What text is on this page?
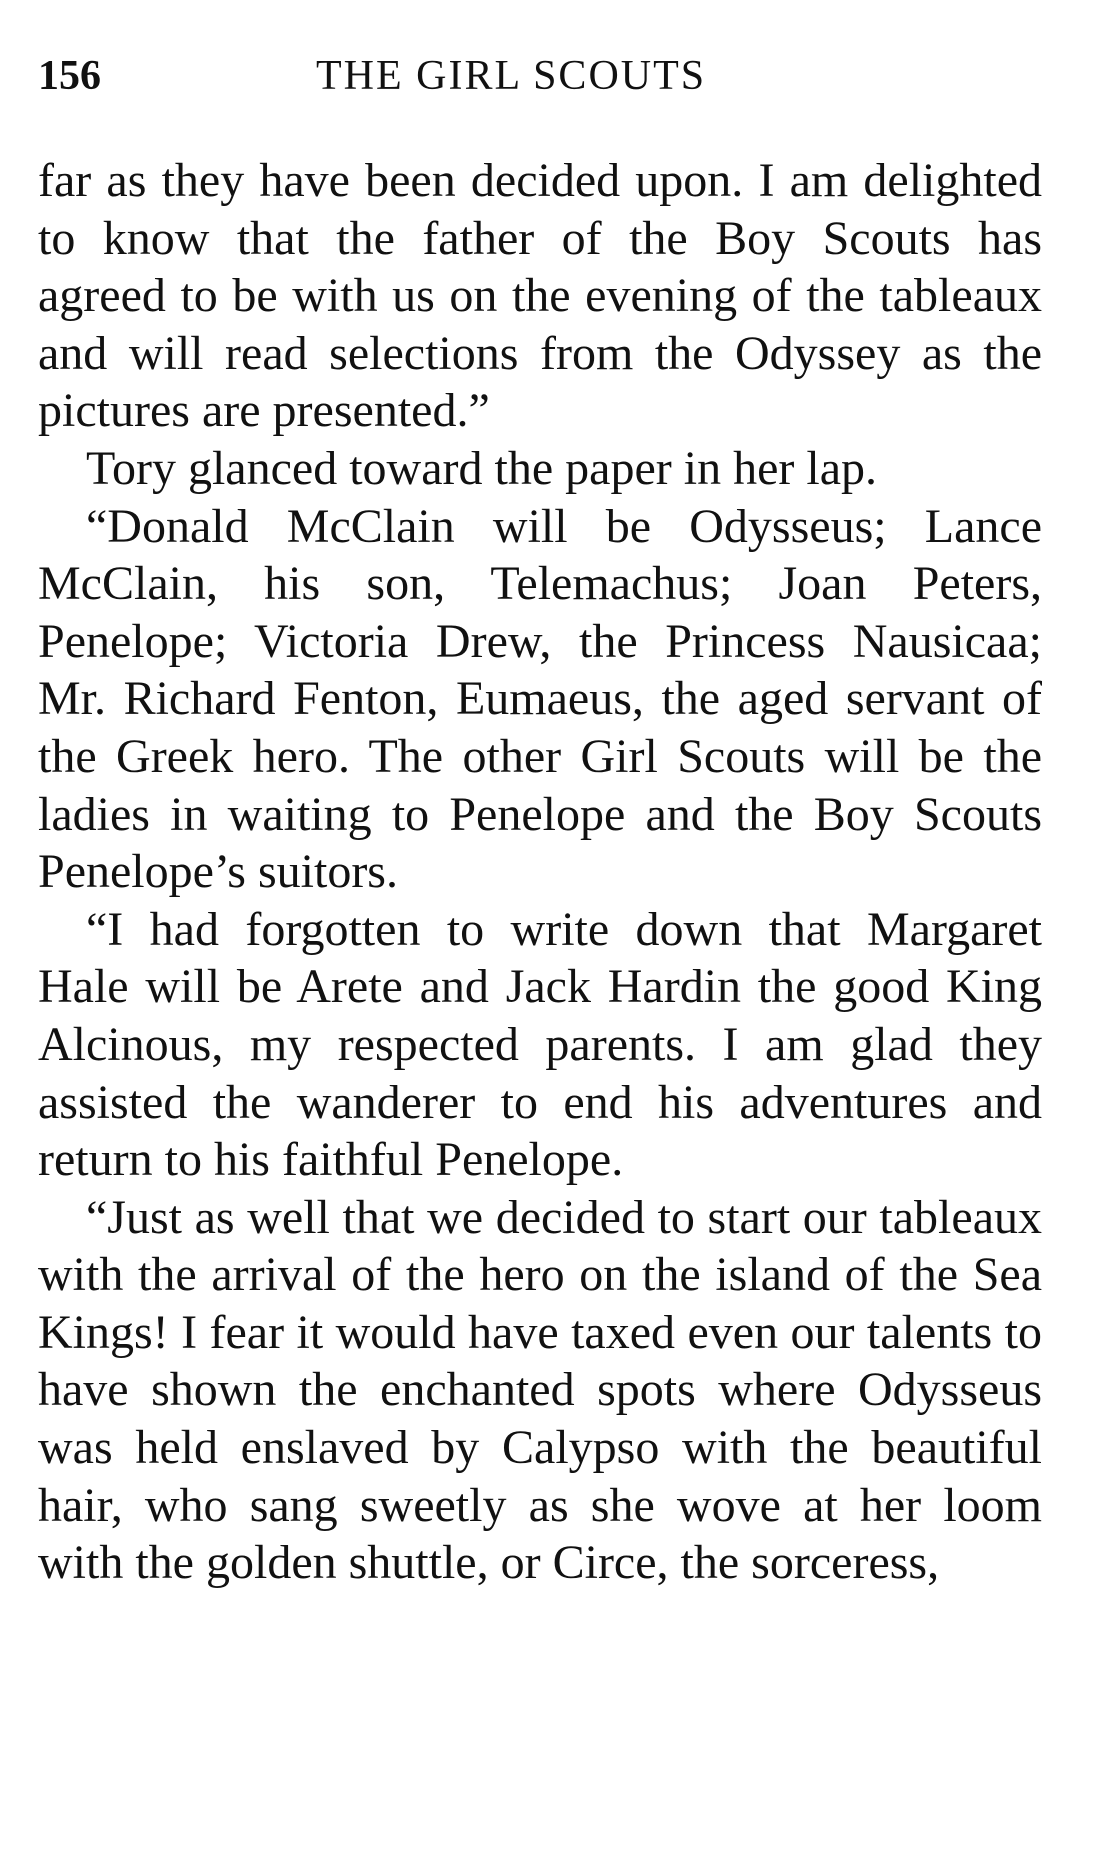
156	THE GIRL SCOUTS

far as they have been decided upon. I am delighted to know that the father of the Boy Scouts has agreed to be with us on the evening of the tableaux and will read selections from the Odyssey as the pictures are presented.”

Tory glanced toward the paper in her lap.

“Donald McClain will be Odysseus; Lance McClain, his son, Telemachus; Joan Peters, Penelope; Victoria Drew, the Princess Nausicaa; Mr. Richard Fenton, Eumaeus, the aged servant of the Greek hero. The other Girl Scouts will be the ladies in waiting to Penelope and the Boy Scouts Penelope’s suitors.

“I had forgotten to write down that Margaret Hale will be Arete and Jack Hardin the good King Alcinous, my respected parents. I am glad they assisted the wanderer to end his adventures and return to his faithful Penelope.

“Just as well that we decided to start our tableaux with the arrival of the hero on the island of the Sea Kings! I fear it would have taxed even our talents to have shown the enchanted spots where Odysseus was held enslaved by Calypso with the beautiful hair, who sang sweetly as she wove at her loom with the golden shuttle, or Circe, the sorceress,
